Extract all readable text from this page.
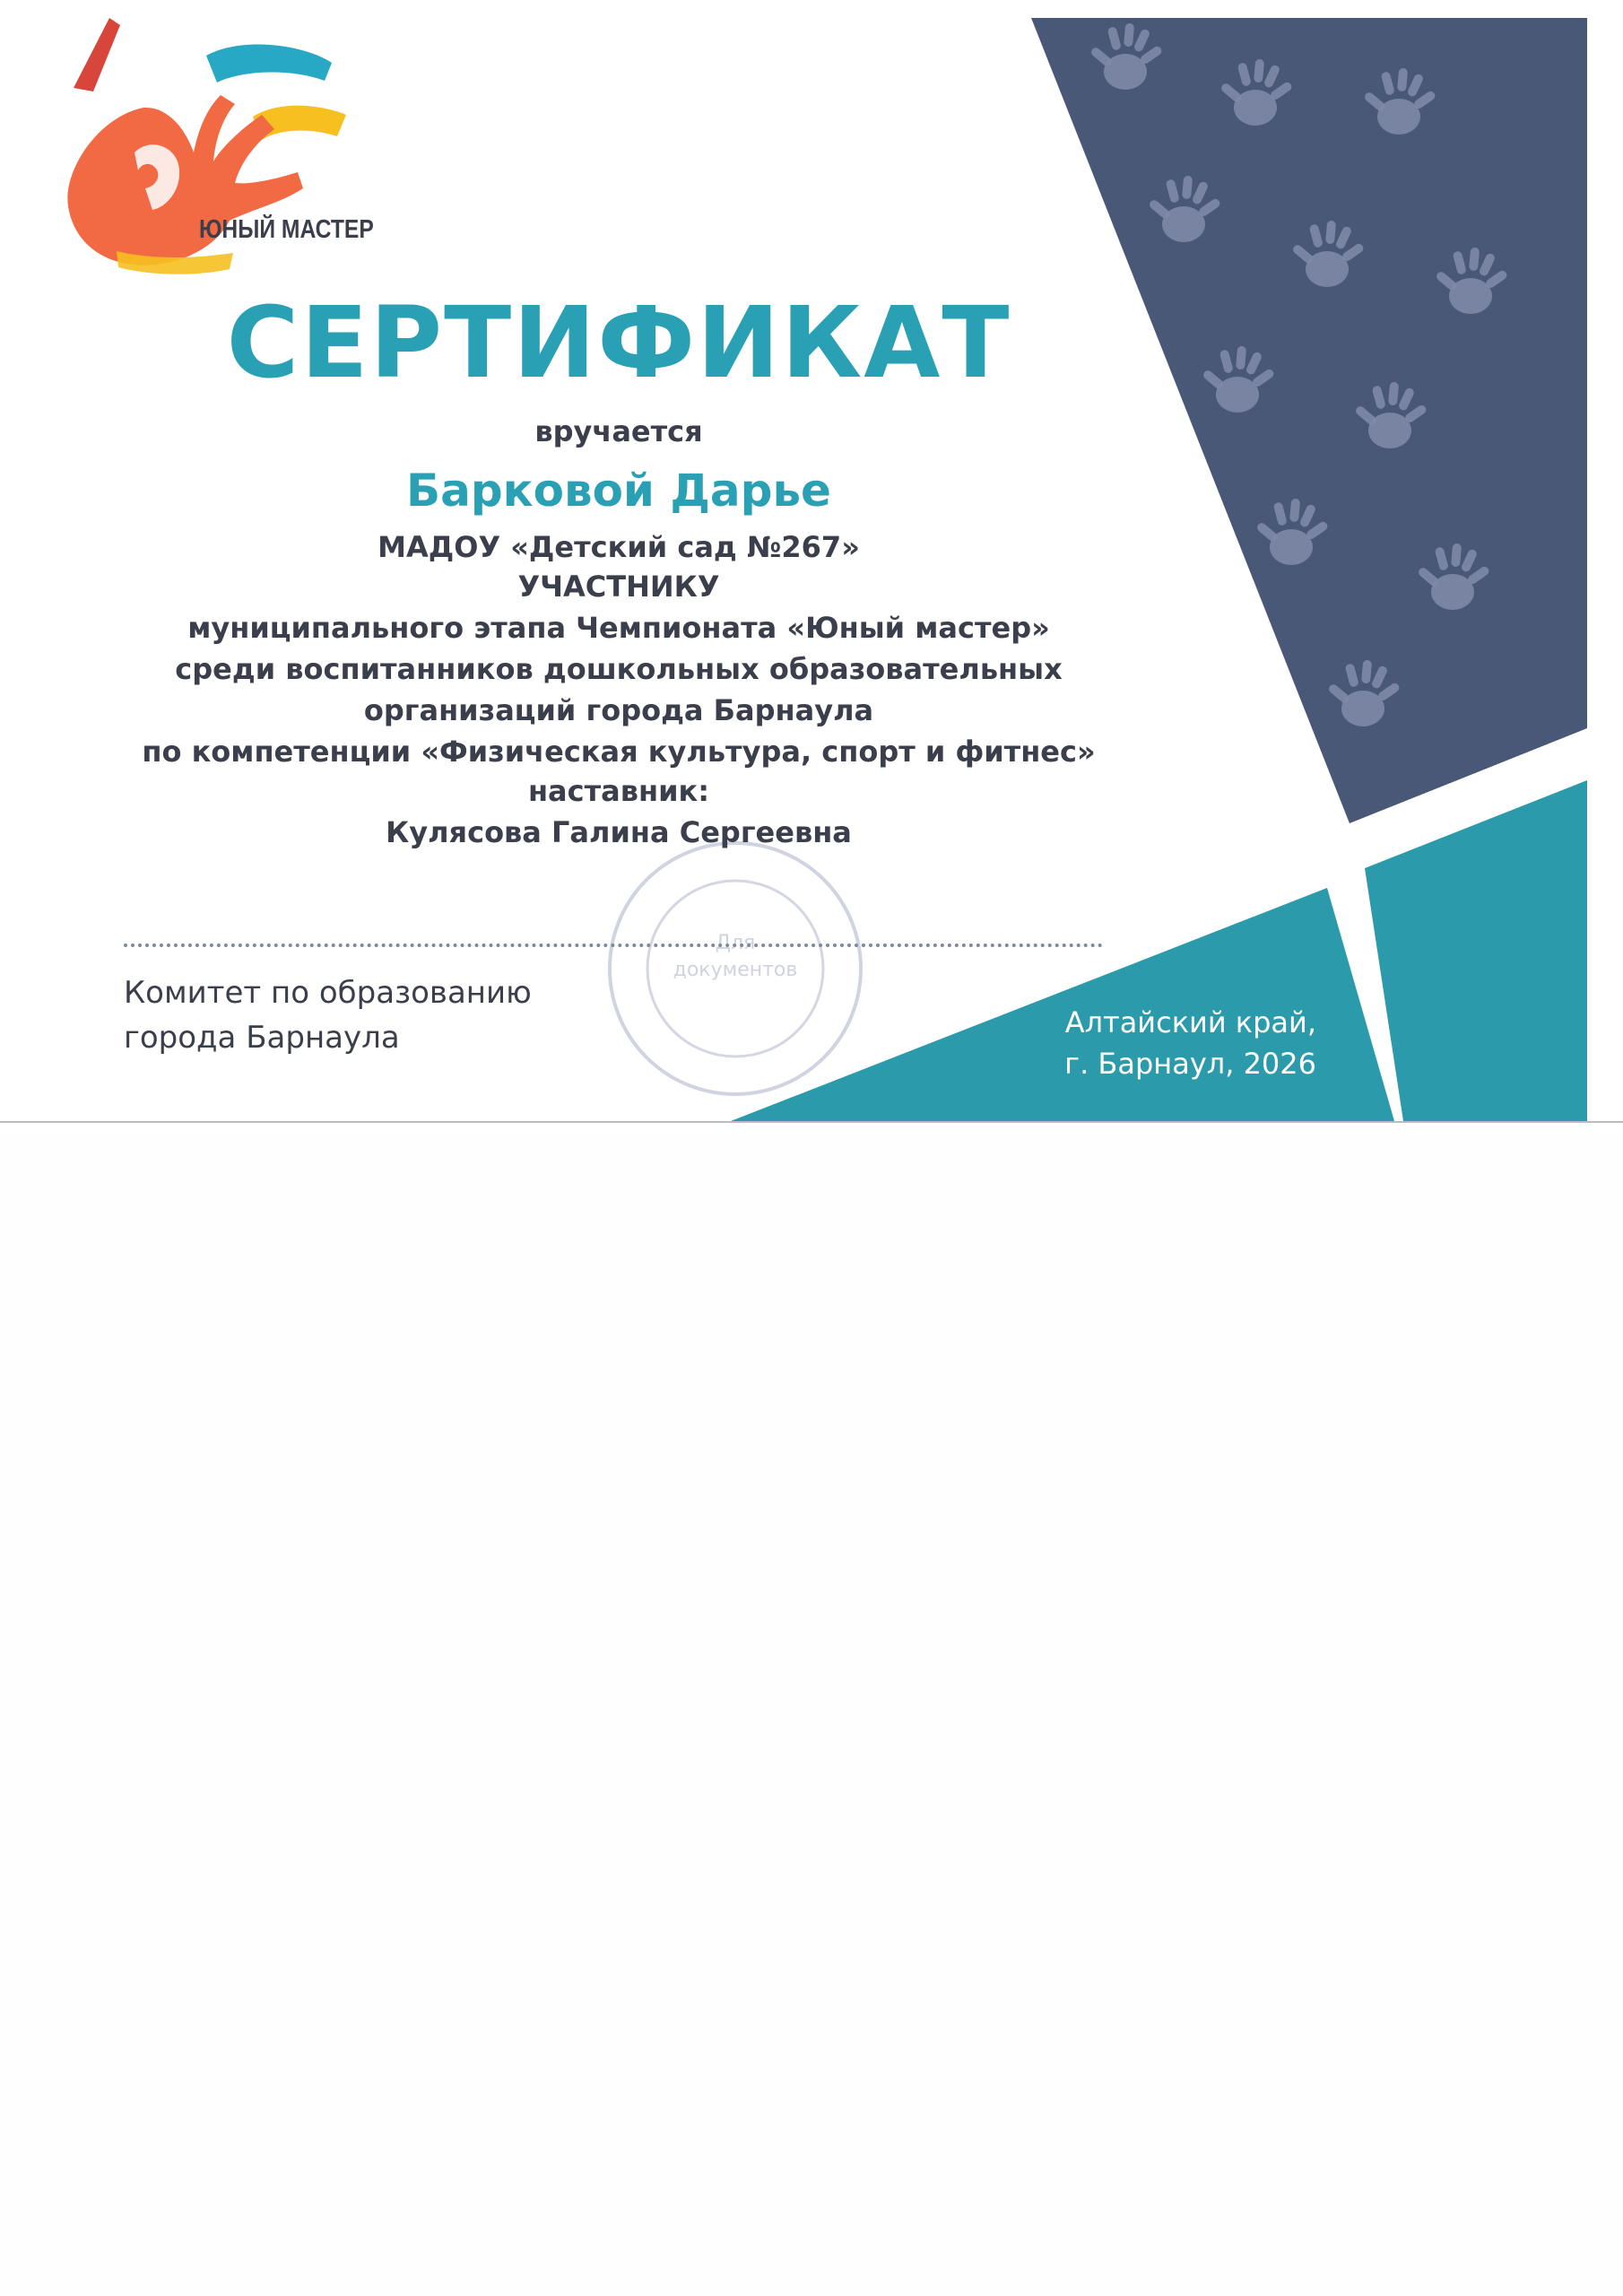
ЮНЫЙ МАСТЕР
Для
документов
СЕРТИФИКАТ
вручается
Барковой Дарье
МАДОУ «Детский сад №267»
УЧАСТНИКУ
муниципального этапа Чемпионата «Юный мастер»
среди воспитанников дошкольных образовательных
организаций города Барнаула
по компетенции «Физическая культура, спорт и фитнес»
наставник:
Кулясова Галина Сергеевна
Комитет по образованию
города Барнаула	Алтайский край,
г. Барнаул, 2026
